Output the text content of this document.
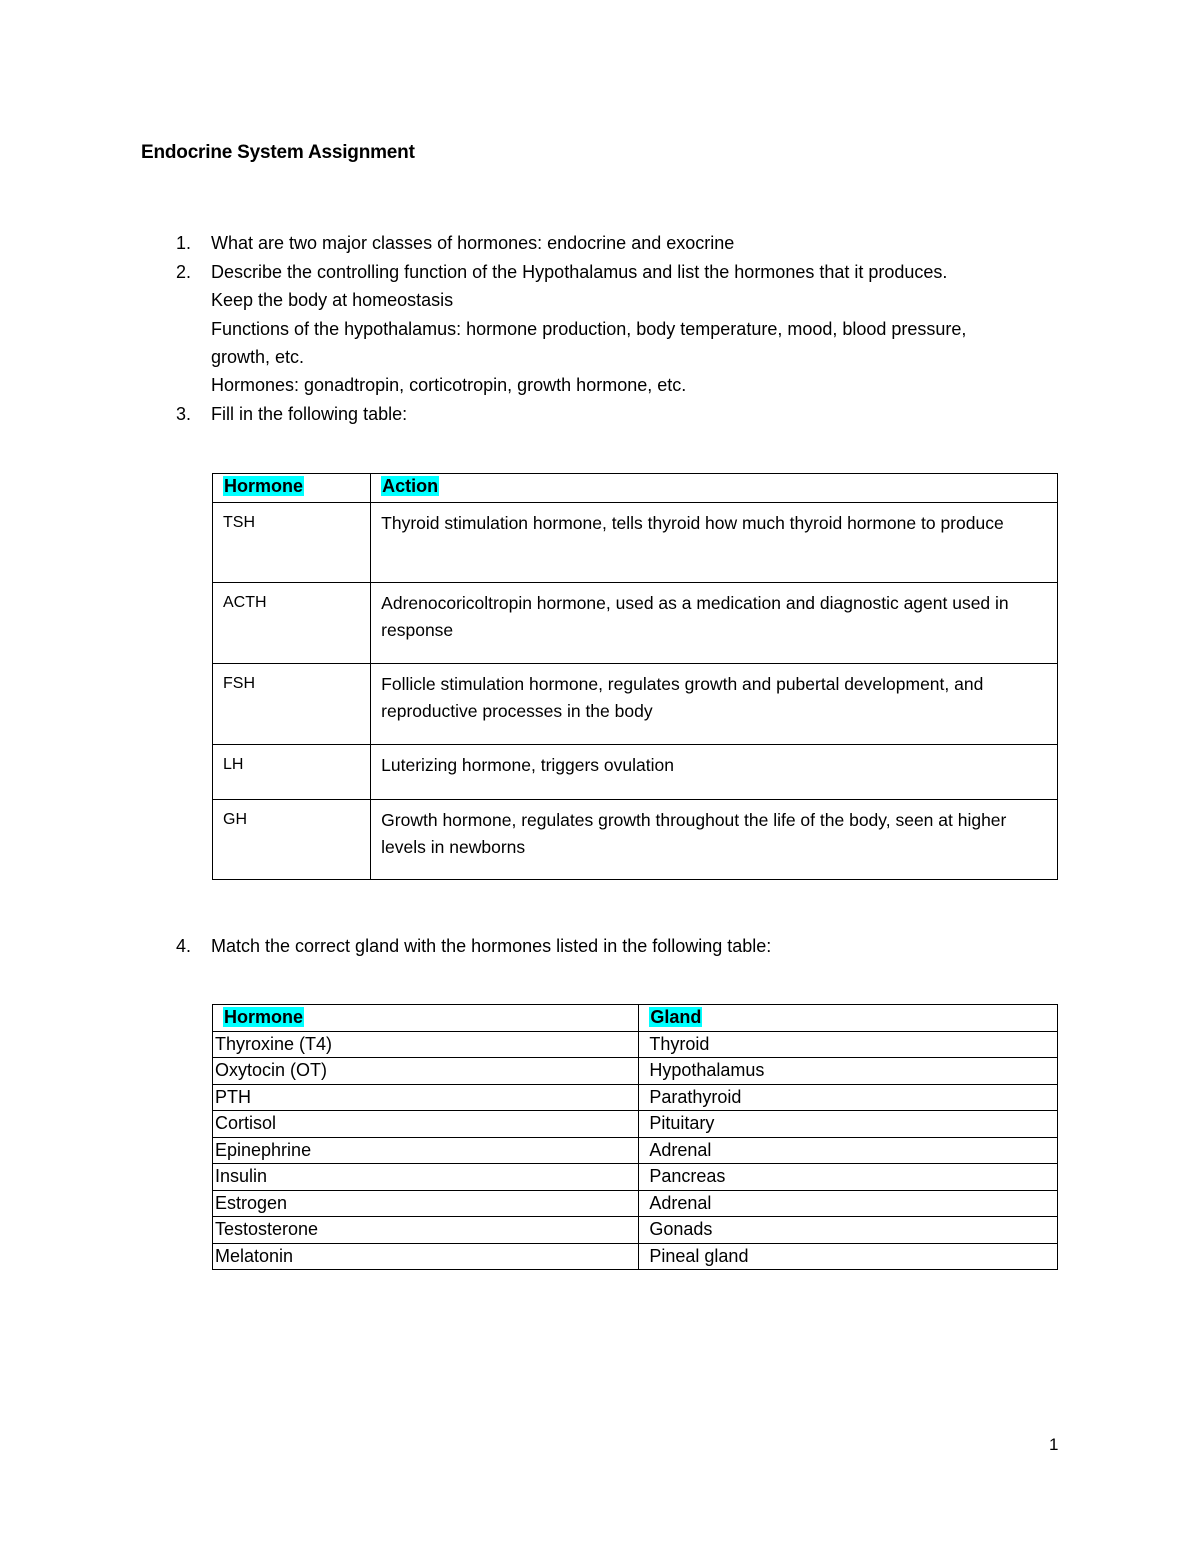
Endocrine System Assignment
1. What are two major classes of hormones: endocrine and exocrine
2. Describe the controlling function of the Hypothalamus and list the hormones that it produces.
Keep the body at homeostasis
Functions of the hypothalamus: hormone production, body temperature, mood, blood pressure,
growth, etc.
Hormones: gonadtropin, corticotropin, growth hormone, etc.
3. Fill in the following table:
Hormone	Action
TSH	Thyroid stimulation hormone, tells thyroid how much thyroid hormone to produce
ACTH	Adrenocoricoltropin hormone, used as a medication and diagnostic agent used in response
FSH	Follicle stimulation hormone, regulates growth and pubertal development, and reproductive processes in the body
LH	Luterizing hormone, triggers ovulation
GH	Growth hormone, regulates growth throughout the life of the body, seen at higher levels in newborns
4. Match the correct gland with the hormones listed in the following table:
Hormone	Gland
Thyroxine (T4)	Thyroid
Oxytocin (OT)	Hypothalamus
PTH	Parathyroid
Cortisol	Pituitary
Epinephrine	Adrenal
Insulin	Pancreas
Estrogen	Adrenal
Testosterone	Gonads
Melatonin	Pineal gland
1
